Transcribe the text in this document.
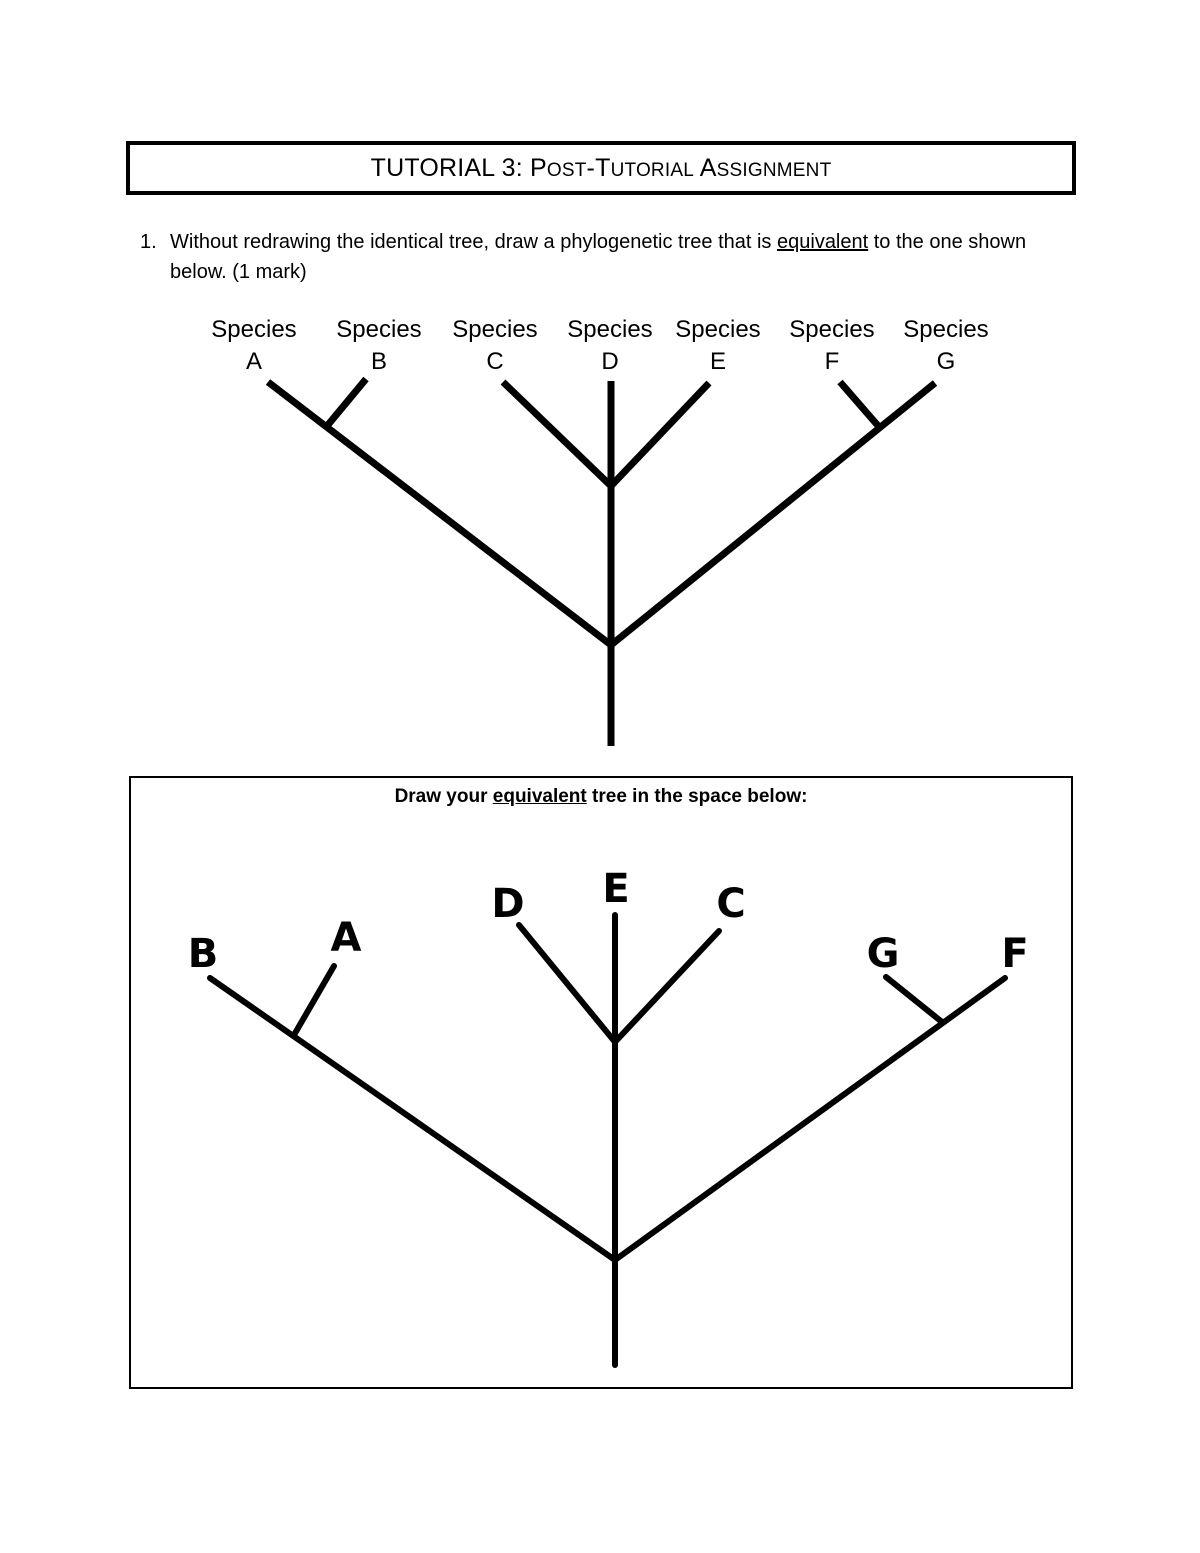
TUTORIAL 3: POST-TUTORIAL ASSIGNMENT
1. Without redrawing the identical tree, draw a phylogenetic tree that is equivalent to the one shown below. (1 mark)
Species
A
Species
B
Species
C
Species
D
Species
E
Species
F
Species
G
Draw your equivalent tree in the space below:
B	A
D E C
G	F
